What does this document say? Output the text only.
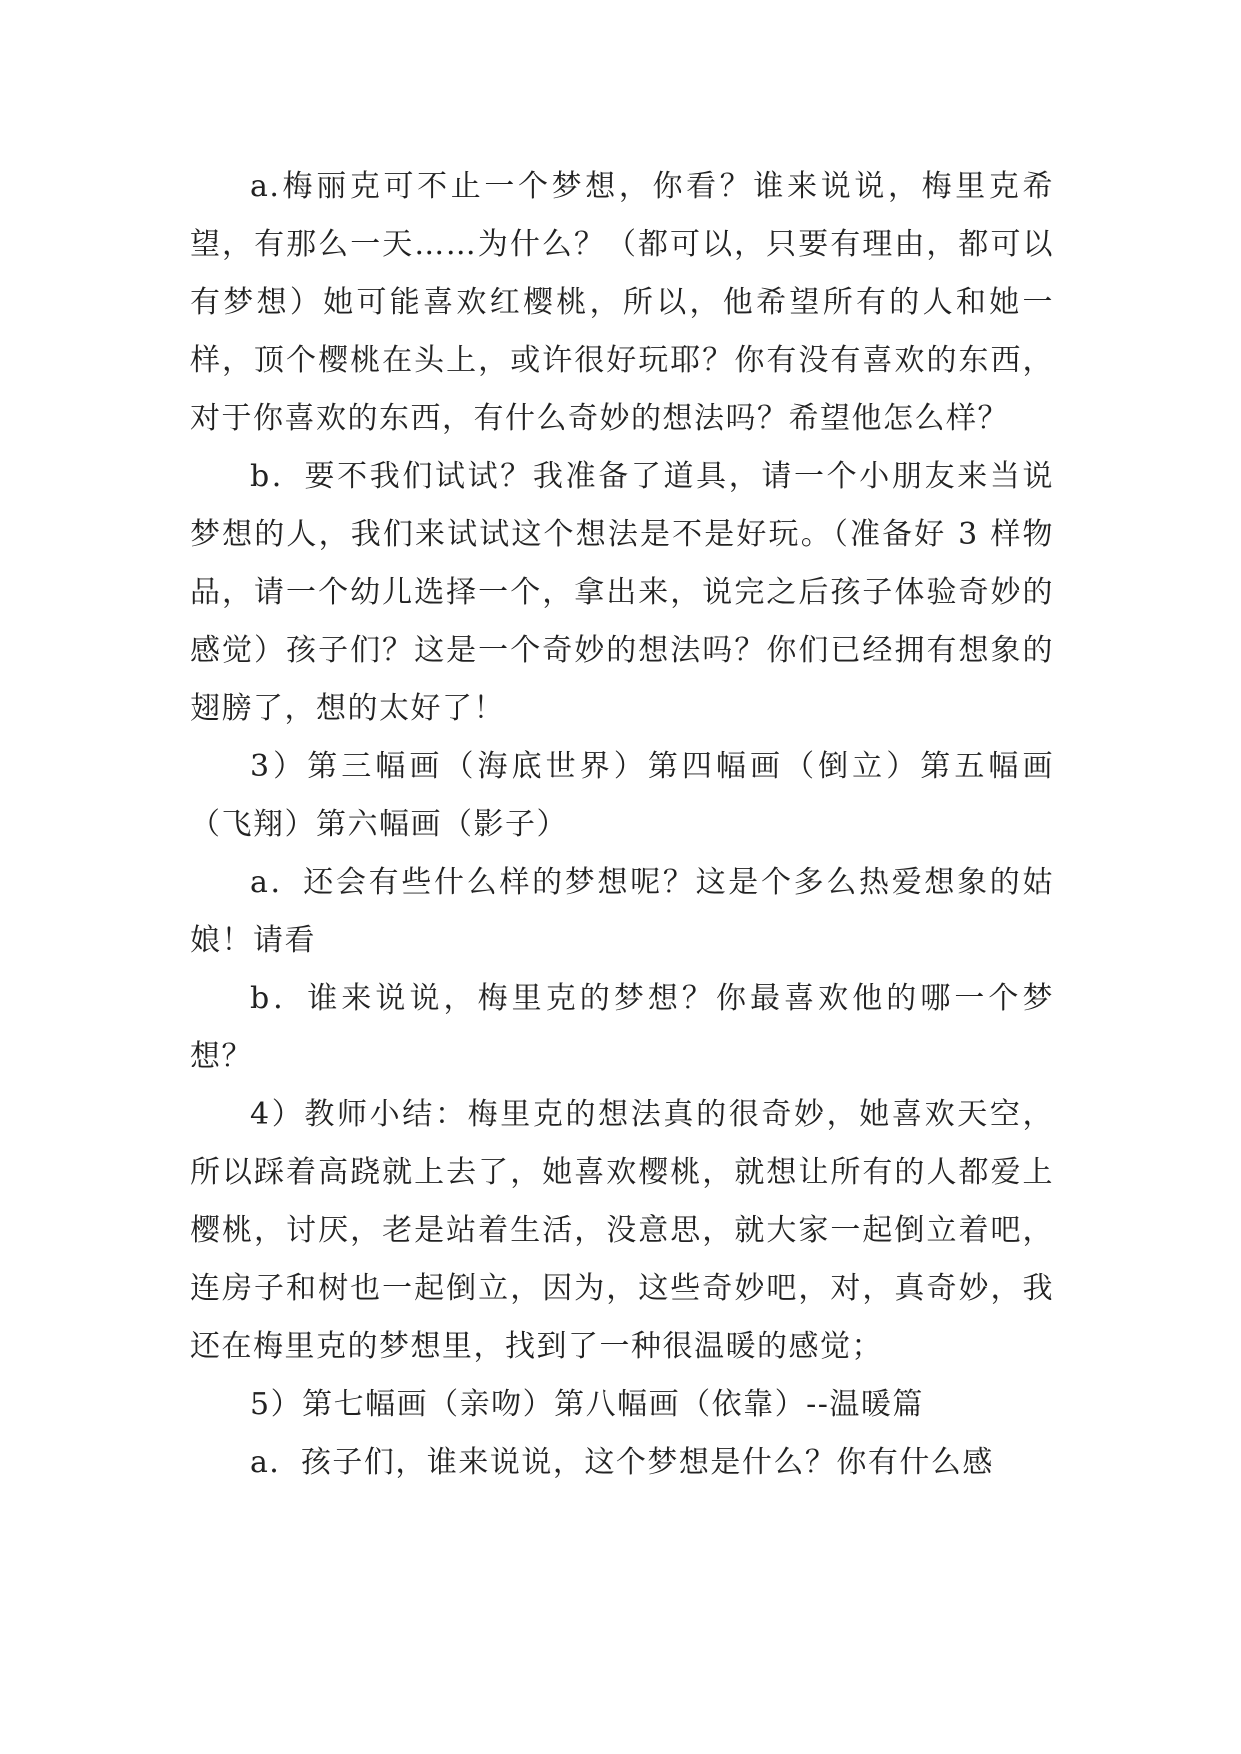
a.梅丽克可不止一个梦想，你看？谁来说说，梅里克希望，有那么一天……为什么？（都可以，只要有理由，都可以有梦想）她可能喜欢红樱桃，所以，他希望所有的人和她一样，顶个樱桃在头上，或许很好玩耶？你有没有喜欢的东西，对于你喜欢的东西，有什么奇妙的想法吗？希望他怎么样？

b．要不我们试试？我准备了道具，请一个小朋友来当说梦想的人，我们来试试这个想法是不是好玩。（准备好 3 样物品，请一个幼儿选择一个，拿出来，说完之后孩子体验奇妙的感觉）孩子们？这是一个奇妙的想法吗？你们已经拥有想象的翅膀了，想的太好了！

3）第三幅画（海底世界）第四幅画（倒立）第五幅画（飞翔）第六幅画（影子）

a．还会有些什么样的梦想呢？这是个多么热爱想象的姑娘！请看

b．谁来说说，梅里克的梦想？你最喜欢他的哪一个梦想？

4）教师小结：梅里克的想法真的很奇妙，她喜欢天空，所以踩着高跷就上去了，她喜欢樱桃，就想让所有的人都爱上樱桃，讨厌，老是站着生活，没意思，就大家一起倒立着吧，连房子和树也一起倒立，因为，这些奇妙吧，对，真奇妙，我还在梅里克的梦想里，找到了一种很温暖的感觉；

5）第七幅画（亲吻）第八幅画（依靠）--温暖篇

a．孩子们，谁来说说，这个梦想是什么？你有什么感
